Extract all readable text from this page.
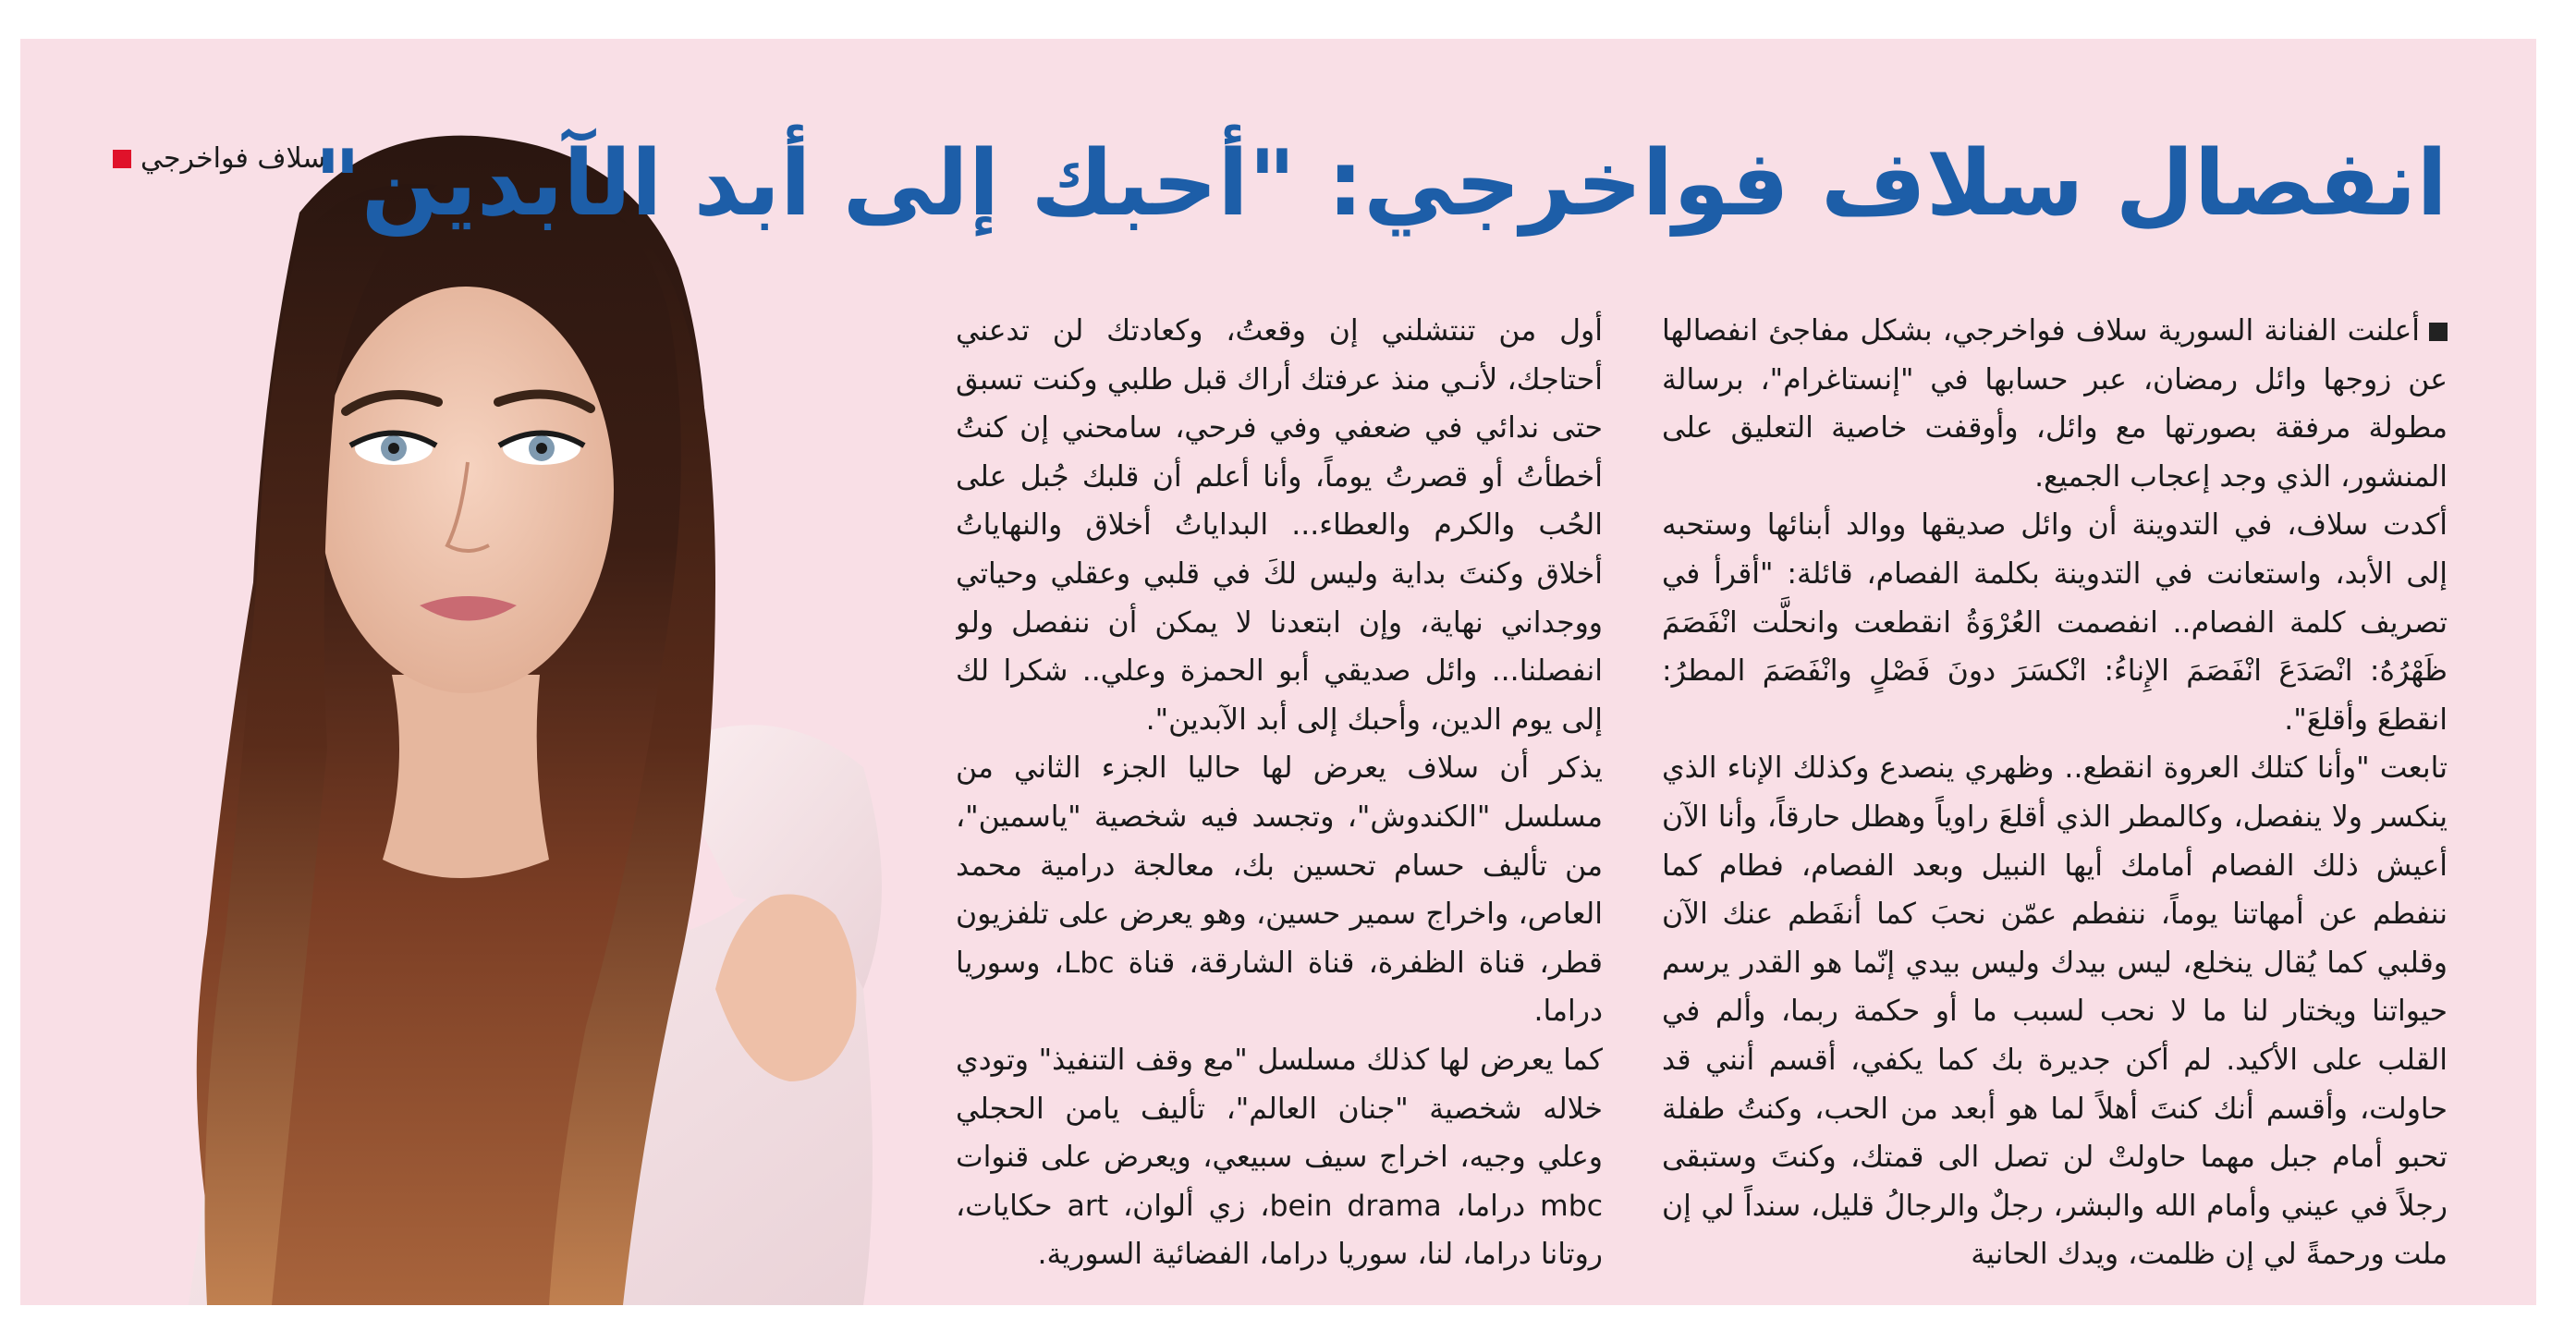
سلاف فواخرجي
انفصال سلاف فواخرجي: "أحبك إلى أبد الآبدين"

أعلنت الفنانة السورية سلاف فواخرجي، بشكل مفاجئ انفصالها عن زوجها وائل رمضان، عبر حسابها في "إنستاغرام"، برسالة مطولة مرفقة بصورتها مع وائل، وأوقفت خاصية التعليق على المنشور، الذي وجد إعجاب الجميع.

أكدت سلاف، في التدوينة أن وائل صديقها ووالد أبنائها وستحبه إلى الأبد، واستعانت في التدوينة بكلمة الفصام، قائلة: "أقرأ في تصريف كلمة الفصام.. انفصمت العُرْوَةُ انقطعت وانحلَّت انْفَصَمَ ظَهْرُهُ: انْصَدَعَ انْفَصَمَ الإِناءُ: انْكسَرَ دونَ فَصْلٍ وانْفَصَمَ المطرُ: انقطعَ وأقلعَ".

تابعت "وأنا كتلك العروة انقطع.. وظهري ينصدع وكذلك الإناء الذي ينكسر ولا ينفصل، وكالمطر الذي أقلعَ راوياً وهطل حارقاً، وأنا الآن أعيش ذلك الفصام أمامك أيها النبيل وبعد الفصام، فطام كما ننفطم عن أمهاتنا يوماً، ننفطم عمّن نحبَ كما أنفَطم عنك الآن وقلبي كما يُقال ينخلع، ليس بيدك وليس بيدي إنّما هو القدر يرسم حيواتنا ويختار لنا ما لا نحب لسبب ما أو حكمة ربما، وألم في القلب على الأكيد. لم أكن جديرة بك كما يكفي، أقسم أنني قد حاولت، وأقسم أنك كنتَ أهلاً لما هو أبعد من الحب، وكنتُ طفلة تحبو أمام جبل مهما حاولتْ لن تصل الى قمتك، وكنتَ وستبقى رجلاً في عيني وأمام الله والبشر، رجلٌ والرجالُ قليل، سنداً لي إن ملت ورحمةً لي إن ظلمت، ويدك الحانية

أول من تنتشلني إن وقعتُ، وكعادتك لن تدعني أحتاجك، لأنـي منذ عرفتك أراك قبل طلبي وكنت تسبق حتى ندائي في ضعفي وفي فرحي، سامحني إن كنتُ أخطأتُ أو قصرتُ يوماً، وأنا أعلم أن قلبك جُبل على الحُب والكرم والعطاء... البداياتُ أخلاق والنهاياتُ أخلاق وكنتَ بداية وليس لكَ في قلبي وعقلي وحياتي ووجداني نهاية، وإن ابتعدنا لا يمكن أن ننفصل ولو انفصلنا... وائل صديقي أبو الحمزة وعلي.. شكرا لك إلى يوم الدين، وأحبك إلى أبد الآبدين".

يذكر أن سلاف يعرض لها حاليا الجزء الثاني من مسلسل "الكندوش"، وتجسد فيه شخصية "ياسمين"، من تأليف حسام تحسين بك، معالجة درامية محمد العاص، واخراج سمير حسين، وهو يعرض على تلفزيون قطر، قناة الظفرة، قناة الشارقة، قناة Lbc، وسوريا دراما.

كما يعرض لها كذلك مسلسل "مع وقف التنفيذ" وتودي خلاله شخصية "جنان العالم"، تأليف يامن الحجلي وعلي وجيه، اخراج سيف سبيعي، ويعرض على قنوات mbc دراما، bein drama، زي ألوان، art حكايات، روتانا دراما، لنا، سوريا دراما، الفضائية السورية.
